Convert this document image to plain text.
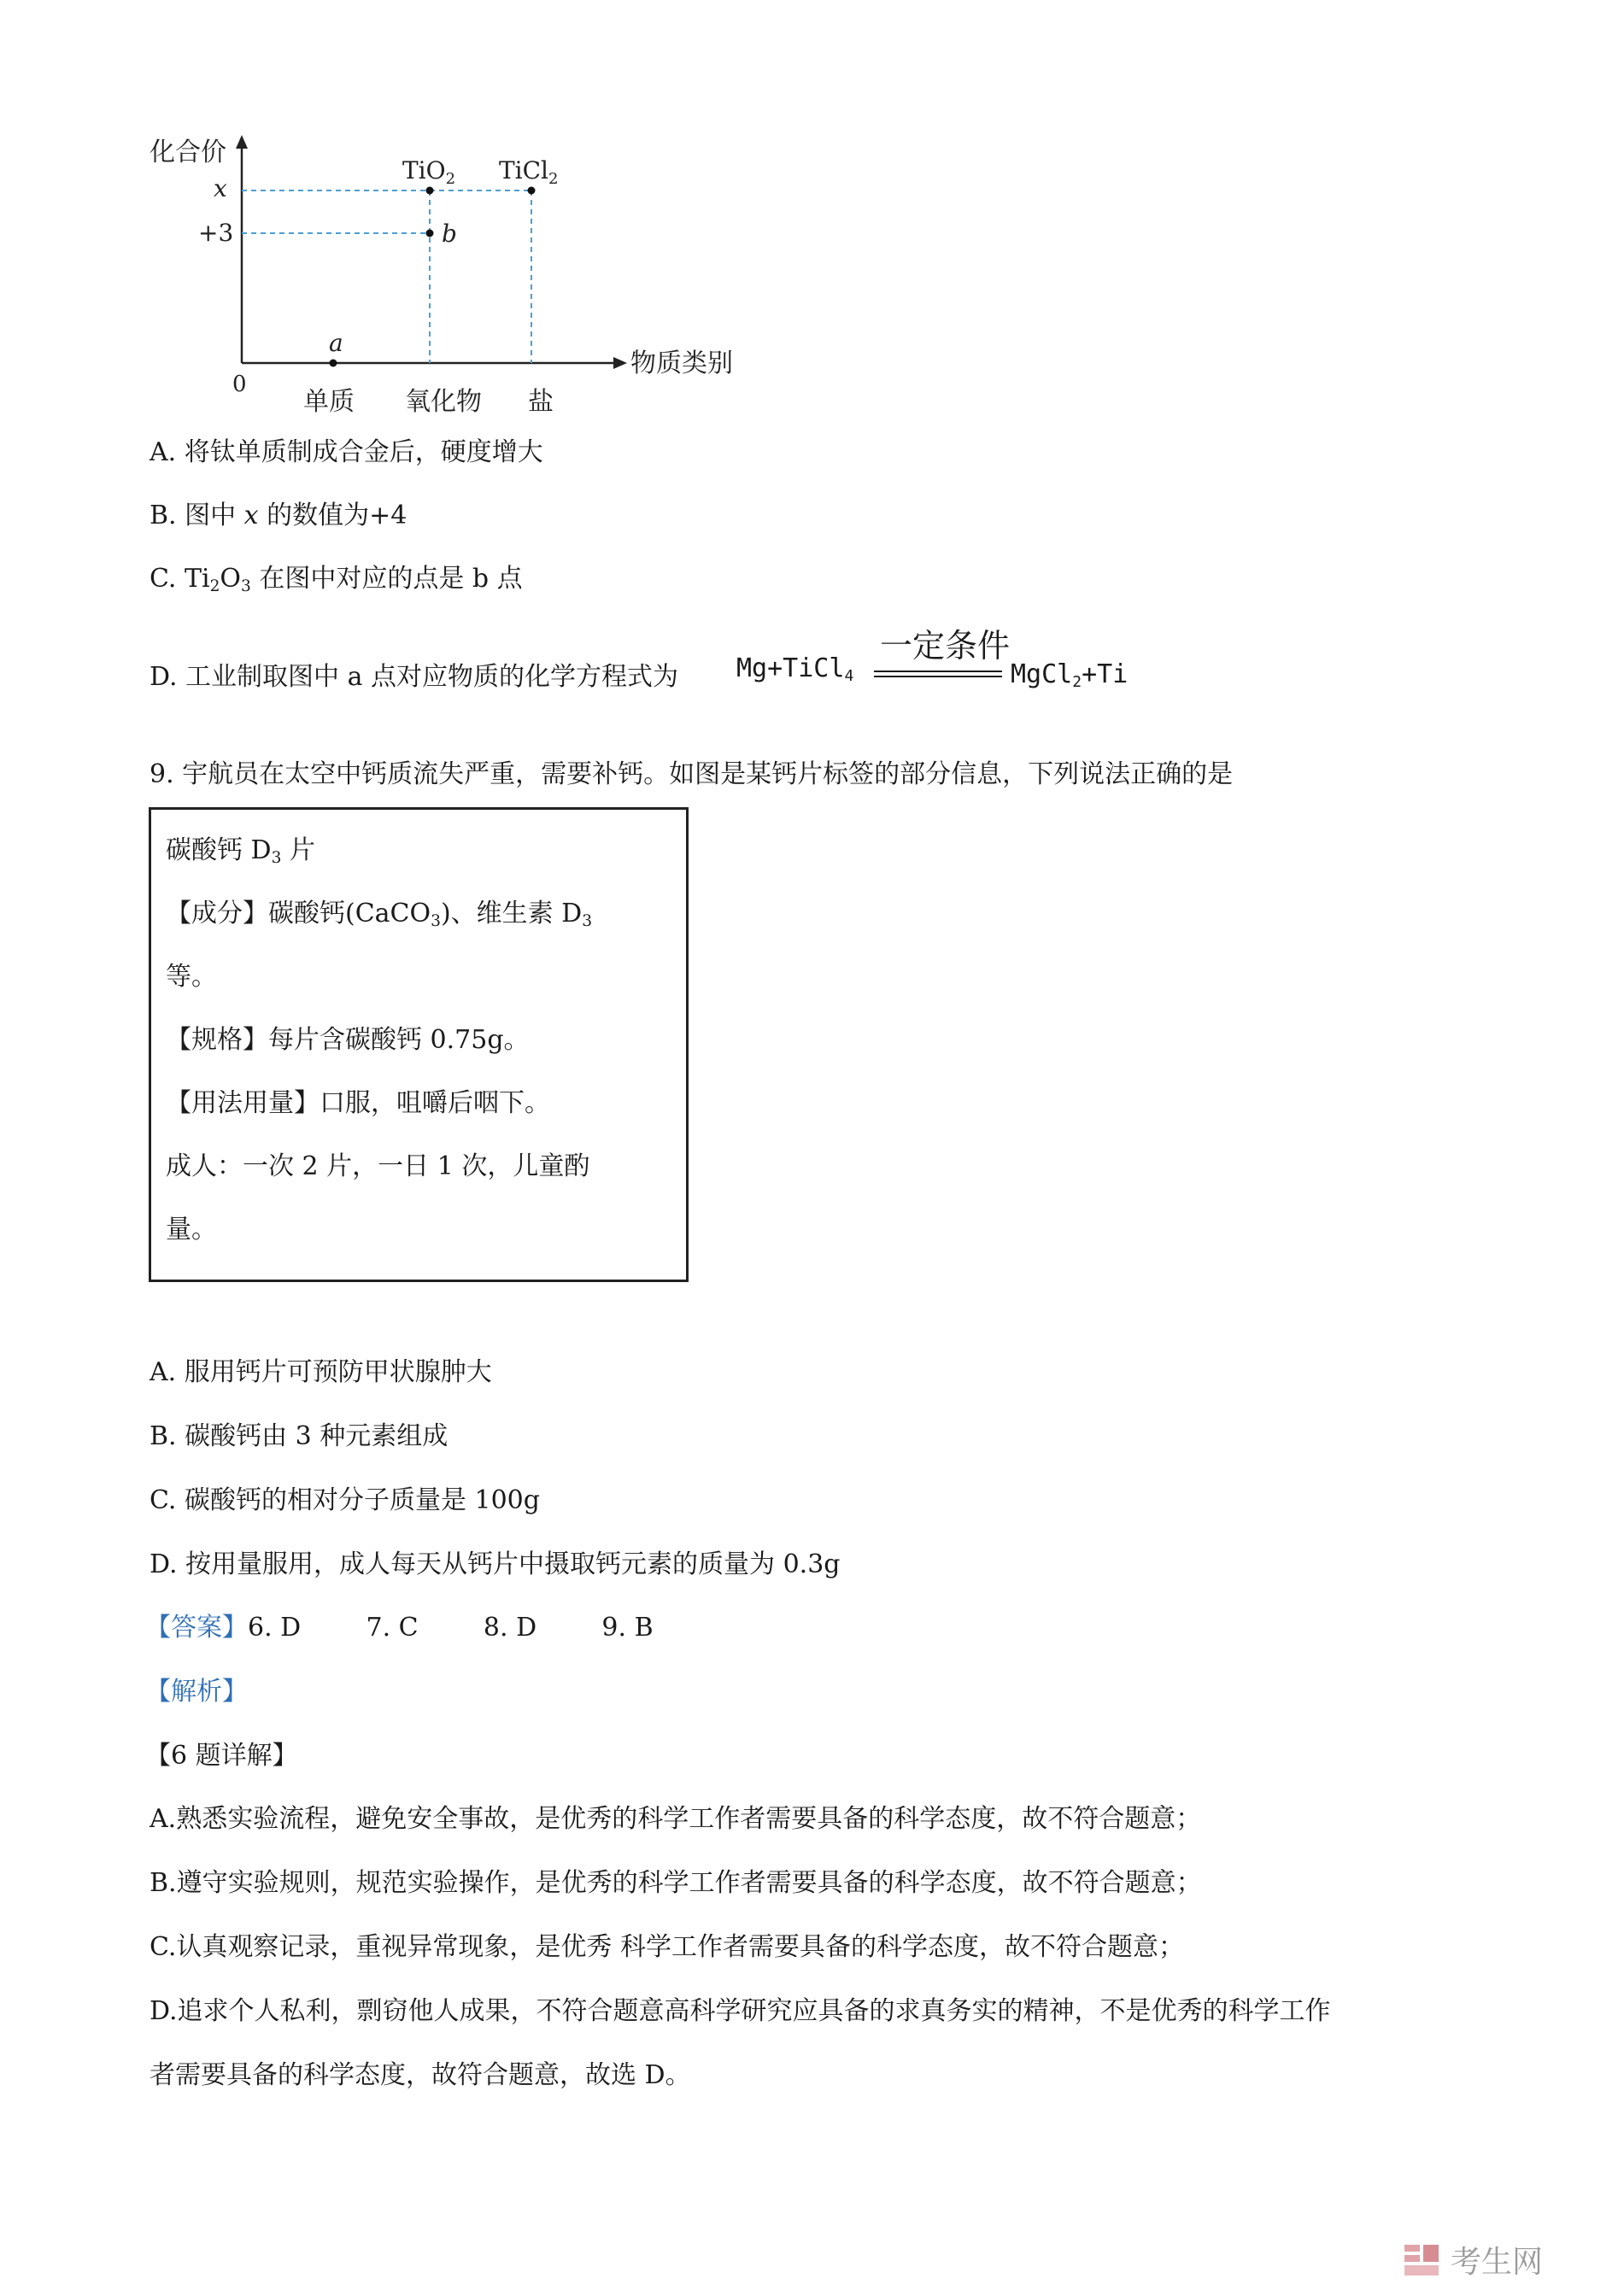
化合价
物质类别
0
x
+3
单质 氧化物 盐
a
b
TiO$_2$ TiCl$_2$
A. 将钛单质制成合金后，硬度增大
B. 图中 x 的数值为+4
C. $Ti_2O_3$ 在图中对应的点是 b 点
D. 工业制取图中 a 点对应物质的化学方程式为 Mg+TiCl$_4$
一定条件
MgCl$_2$+Ti
9. 宇航员在太空中钙质流失严重，需要补钙。如图是某钙片标签的部分信息，下列说法正确的是
碳酸钙 $D_3$ 片
【成分】碳酸钙(CaCO$_3$)、维生素 $D_3$
等。
【规格】每片含碳酸钙 0.75g。
【用法用量】口服，咀嚼后咽下。
成人：一次 2 片，一日 1 次，儿童酌
量。
A. 服用钙片可预防甲状腺肿大
B. 碳酸钙由 3 种元素组成
C. 碳酸钙的相对分子质量是 100g
D. 按用量服用，成人每天从钙片中摄取钙元素的质量为 0.3g
【答案】6. D        7. C        8. D        9. B
【解析】
【6 题详解】
A.熟悉实验流程，避免安全事故，是优秀的科学工作者需要具备的科学态度，故不符合题意；
B.遵守实验规则，规范实验操作，是优秀的科学工作者需要具备的科学态度，故不符合题意；
C.认真观察记录，重视异常现象，是优秀 科学工作者需要具备的科学态度，故不符合题意；
D.追求个人私利，剽窃他人成果，不符合题意高科学研究应具备的求真务实的精神，不是优秀的科学工作
者需要具备的科学态度，故符合题意，故选 D。
考生网
